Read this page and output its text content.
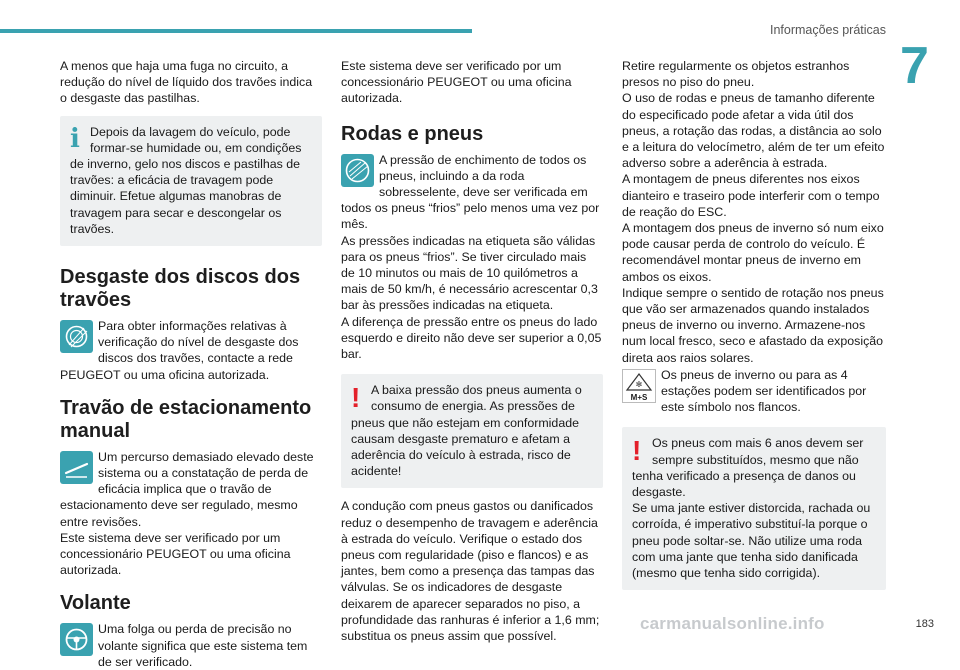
Informações práticas
7

A menos que haja uma fuga no circuito, a redução do nível de líquido dos travões indica o desgaste das pastilhas.

i Depois da lavagem do veículo, pode formar-se humidade ou, em condições de inverno, gelo nos discos e pastilhas de travões: a eficácia de travagem pode diminuir. Efetue algumas manobras de travagem para secar e descongelar os travões.

Desgaste dos discos dos travões

Para obter informações relativas à verificação do nível de desgaste dos discos dos travões, contacte a rede PEUGEOT ou uma oficina autorizada.

Travão de estacionamento manual

Um percurso demasiado elevado deste sistema ou a constatação de perda de eficácia implica que o travão de estacionamento deve ser regulado, mesmo entre revisões.

Este sistema deve ser verificado por um concessionário PEUGEOT ou uma oficina autorizada.

Volante

Uma folga ou perda de precisão no volante significa que este sistema tem de ser verificado.

Este sistema deve ser verificado por um concessionário PEUGEOT ou uma oficina autorizada.

Rodas e pneus

A pressão de enchimento de todos os pneus, incluindo a da roda sobresselente, deve ser verificada em todos os pneus “frios” pelo menos uma vez por mês.

As pressões indicadas na etiqueta são válidas para os pneus “frios”. Se tiver circulado mais de 10 minutos ou mais de 10 quilómetros a mais de 50 km/h, é necessário acrescentar 0,3 bar às pressões indicadas na etiqueta.

A diferença de pressão entre os pneus do lado esquerdo e direito não deve ser superior a 0,05 bar.

! A baixa pressão dos pneus aumenta o consumo de energia. As pressões de pneus que não estejam em conformidade causam desgaste prematuro e afetam a aderência do veículo à estrada, risco de acidente!

A condução com pneus gastos ou danificados reduz o desempenho de travagem e aderência à estrada do veículo. Verifique o estado dos pneus com regularidade (piso e flancos) e as jantes, bem como a presença das tampas das válvulas. Se os indicadores de desgaste deixarem de aparecer separados no piso, a profundidade das ranhuras é inferior a 1,6 mm; substitua os pneus assim que possível.

Retire regularmente os objetos estranhos presos no piso do pneu.

O uso de rodas e pneus de tamanho diferente do especificado pode afetar a vida útil dos pneus, a rotação das rodas, a distância ao solo e a leitura do velocímetro, além de ter um efeito adverso sobre a aderência à estrada.

A montagem de pneus diferentes nos eixos dianteiro e traseiro pode interferir com o tempo de reação do ESC.

A montagem dos pneus de inverno só num eixo pode causar perda de controlo do veículo. É recomendável montar pneus de inverno em ambos os eixos.

Indique sempre o sentido de rotação nos pneus que vão ser armazenados quando instalados pneus de inverno ou inverno. Armazene-nos num local fresco, seco e afastado da exposição direta aos raios solares.

✻
M+S

Os pneus de inverno ou para as 4 estações podem ser identificados por este símbolo nos flancos.

! Os pneus com mais 6 anos devem ser sempre substituídos, mesmo que não tenha verificado a presença de danos ou desgaste.

Se uma jante estiver distorcida, rachada ou corroída, é imperativo substituí-la porque o pneu pode soltar-se. Não utilize uma roda com uma jante que tenha sido danificada (mesmo que tenha sido corrigida).

carmanualsonline.info	183
